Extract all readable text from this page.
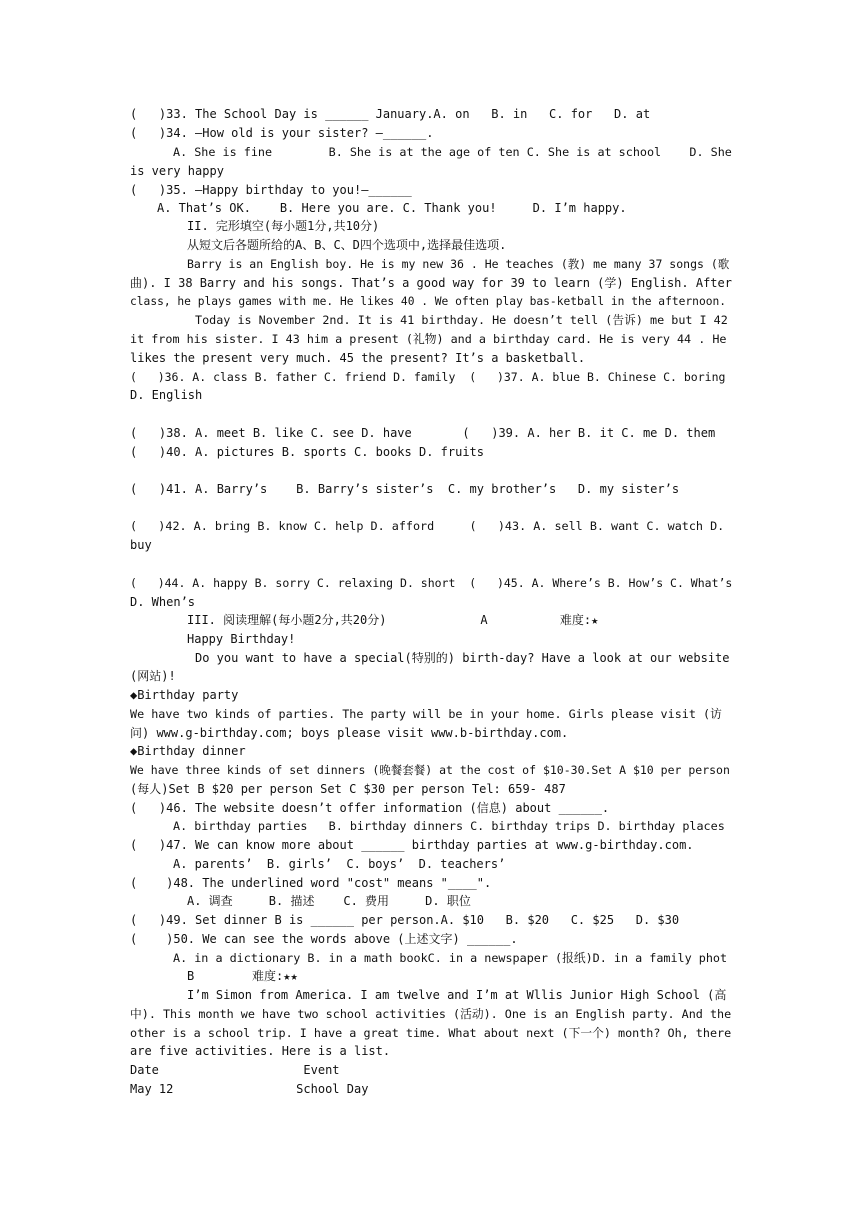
(   )33. The School Day is ______ January.A. on   B. in   C. for   D. at
(   )34. —How old is your sister? —______.
A. She is fine        B. She is at the age of ten C. She is at school    D. She
is very happy
(   )35. —Happy birthday to you!—______
A. That’s OK.    B. Here you are. C. Thank you!     D. I’m happy.
II. 完形填空(每小题1分,共10分)
从短文后各题所给的A、B、C、D四个选项中,选择最佳选项.
Barry is an English boy. He is my new 36 . He teaches (教) me many 37 songs (歌
曲). I 38 Barry and his songs. That’s a good way for 39 to learn (学) English. After
class, he plays games with me. He likes 40 . We often play bas-ketball in the afternoon.
Today is November 2nd. It is 41 birthday. He doesn’t tell (告诉) me but I 42
it from his sister. I 43 him a present (礼物) and a birthday card. He is very 44 . He
likes the present very much. 45 the present? It’s a basketball.
(   )36. A. class B. father C. friend D. family  (   )37. A. blue B. Chinese C. boring
D. English
(   )38. A. meet B. like C. see D. have       (   )39. A. her B. it C. me D. them
(   )40. A. pictures B. sports C. books D. fruits
(   )41. A. Barry’s    B. Barry’s sister’s  C. my brother’s   D. my sister’s
(   )42. A. bring B. know C. help D. afford     (   )43. A. sell B. want C. watch D.
buy
(   )44. A. happy B. sorry C. relaxing D. short  (   )45. A. Where’s B. How’s C. What’s
D. When’s
III. 阅读理解(每小题2分,共20分)             A          难度:★
Happy Birthday!
Do you want to have a special(特别的) birth-day? Have a look at our website
(网站)!
◆Birthday party
We have two kinds of parties. The party will be in your home. Girls please visit (访
问) www.g-birthday.com; boys please visit www.b-birthday.com.
◆Birthday dinner
We have three kinds of set dinners (晚餐套餐) at the cost of $10-30.Set A $10 per person
(每人)Set B $20 per person Set C $30 per person Tel: 659- 487
(   )46. The website doesn’t offer information (信息) about ______.
A. birthday parties   B. birthday dinners C. birthday trips D. birthday places
(   )47. We can know more about ______ birthday parties at www.g-birthday.com.
A. parents’  B. girls’  C. boys’  D. teachers’
(    )48. The underlined word "cost" means "____".
A. 调查     B. 描述    C. 费用     D. 职位
(   )49. Set dinner B is ______ per person.A. $10   B. $20   C. $25   D. $30
(    )50. We can see the words above (上述文字) ______.
A. in a dictionary B. in a math bookC. in a newspaper (报纸)D. in a family phot
B        难度:★★
I’m Simon from America. I am twelve and I’m at Wllis Junior High School (高
中). This month we have two school activities (活动). One is an English party. And the
other is a school trip. I have a great time. What about next (下一个) month? Oh, there
are five activities. Here is a list.
Date                    Event
May 12                 School Day
